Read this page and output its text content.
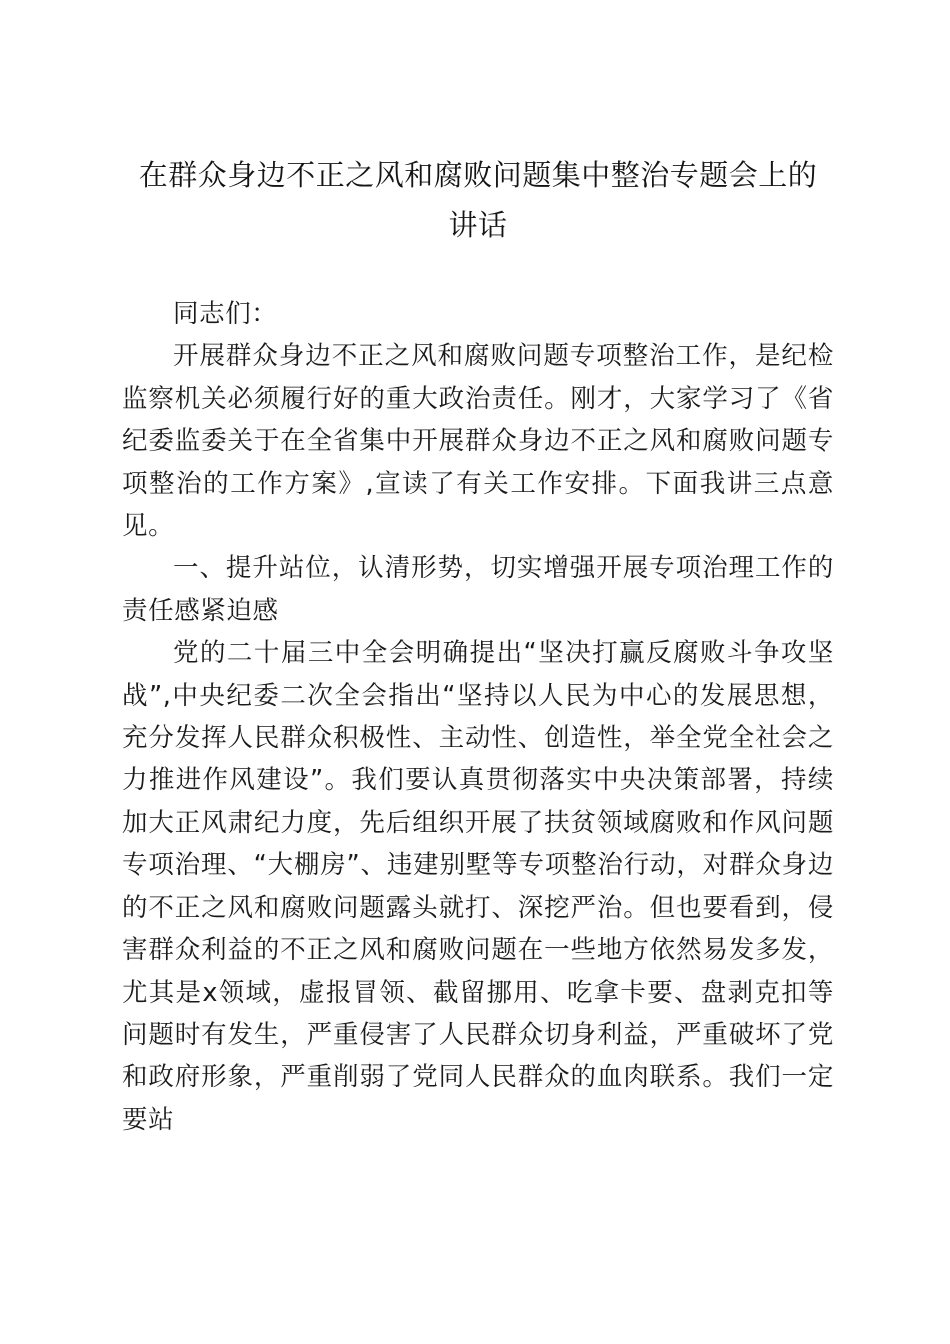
在群众身边不正之风和腐败问题集中整治专题会上的讲话

同志们：

开展群众身边不正之风和腐败问题专项整治工作，是纪检监察机关必须履行好的重大政治责任。刚才，大家学习了《省纪委监委关于在全省集中开展群众身边不正之风和腐败问题专项整治的工作方案》,宣读了有关工作安排。下面我讲三点意见。

一、提升站位，认清形势，切实增强开展专项治理工作的责任感紧迫感

党的二十届三中全会明确提出“坚决打赢反腐败斗争攻坚战”,中央纪委二次全会指出“坚持以人民为中心的发展思想，充分发挥人民群众积极性、主动性、创造性，举全党全社会之力推进作风建设”。我们要认真贯彻落实中央决策部署，持续加大正风肃纪力度，先后组织开展了扶贫领域腐败和作风问题专项治理、“大棚房”、违建别墅等专项整治行动，对群众身边的不正之风和腐败问题露头就打、深挖严治。但也要看到，侵害群众利益的不正之风和腐败问题在一些地方依然易发多发，尤其是x领域，虚报冒领、截留挪用、吃拿卡要、盘剥克扣等问题时有发生，严重侵害了人民群众切身利益，严重破坏了党和政府形象，严重削弱了党同人民群众的血肉联系。我们一定要站
